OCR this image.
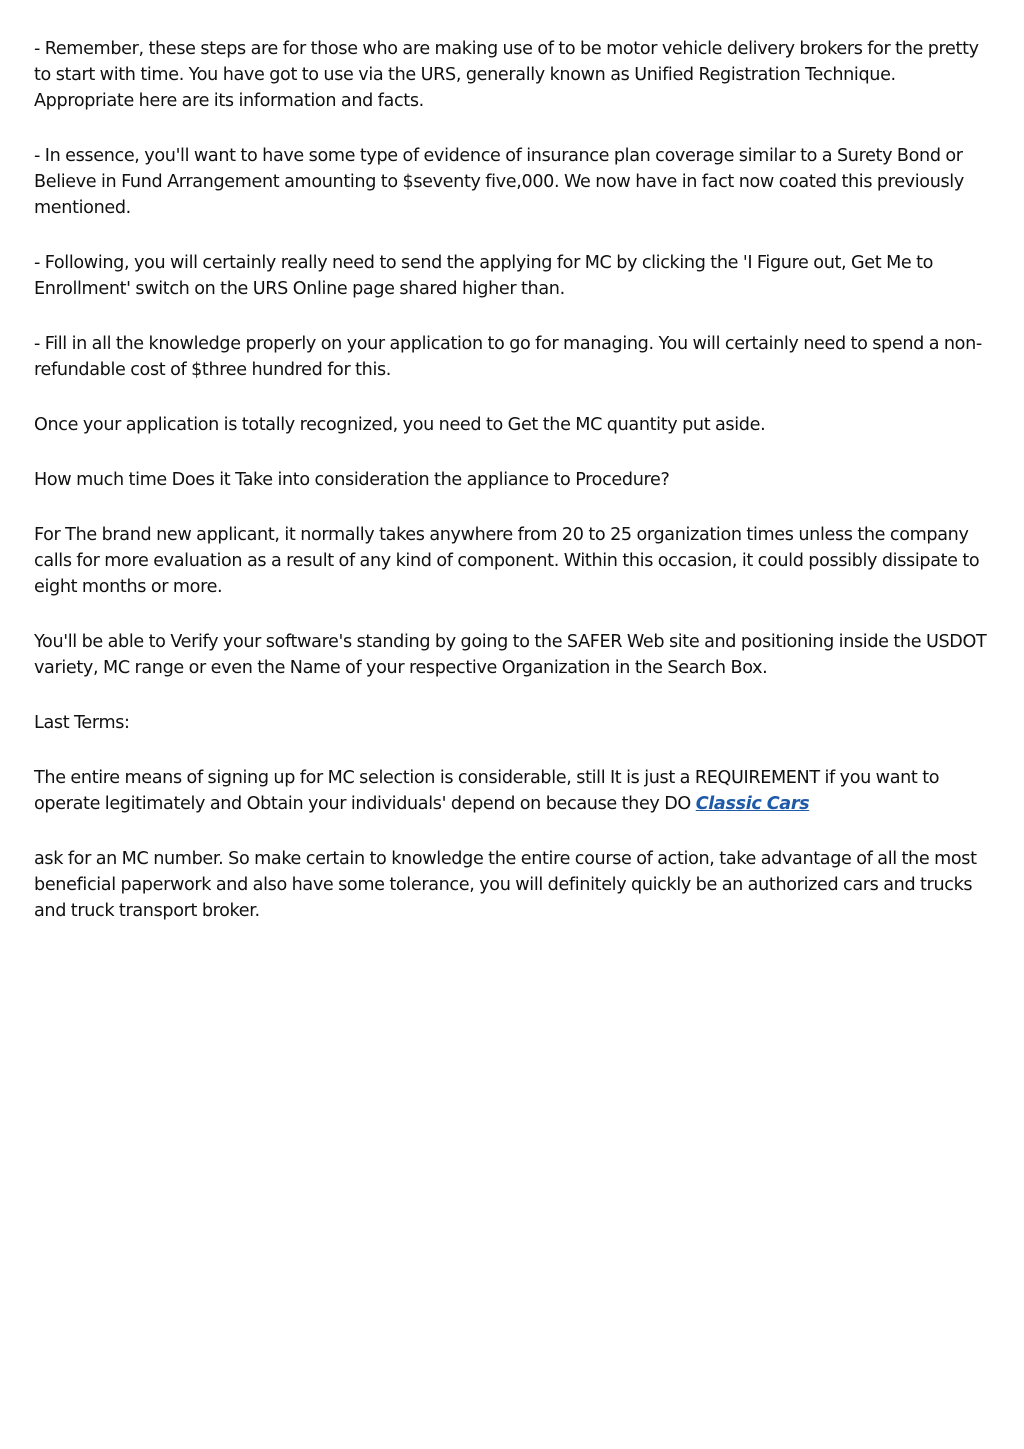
- Remember, these steps are for those who are making use of to be motor vehicle delivery brokers for the pretty to start with time. You have got to use via the URS, generally known as Unified Registration Technique. Appropriate here are its information and facts.

- In essence, you'll want to have some type of evidence of insurance plan coverage similar to a Surety Bond or Believe in Fund Arrangement amounting to $seventy five,000. We now have in fact now coated this previously mentioned.

- Following, you will certainly really need to send the applying for MC by clicking the 'I Figure out, Get Me to Enrollment' switch on the URS Online page shared higher than.

- Fill in all the knowledge properly on your application to go for managing. You will certainly need to spend a non-refundable cost of $three hundred for this.

Once your application is totally recognized, you need to Get the MC quantity put aside.

How much time Does it Take into consideration the appliance to Procedure?

For The brand new applicant, it normally takes anywhere from 20 to 25 organization times unless the company calls for more evaluation as a result of any kind of component. Within this occasion, it could possibly dissipate to eight months or more.

You'll be able to Verify your software's standing by going to the SAFER Web site and positioning inside the USDOT variety, MC range or even the Name of your respective Organization in the Search Box.

Last Terms:

The entire means of signing up for MC selection is considerable, still It is just a REQUIREMENT if you want to operate legitimately and Obtain your individuals' depend on because they DO Classic Cars

ask for an MC number. So make certain to knowledge the entire course of action, take advantage of all the most beneficial paperwork and also have some tolerance, you will definitely quickly be an authorized cars and trucks and truck transport broker.
